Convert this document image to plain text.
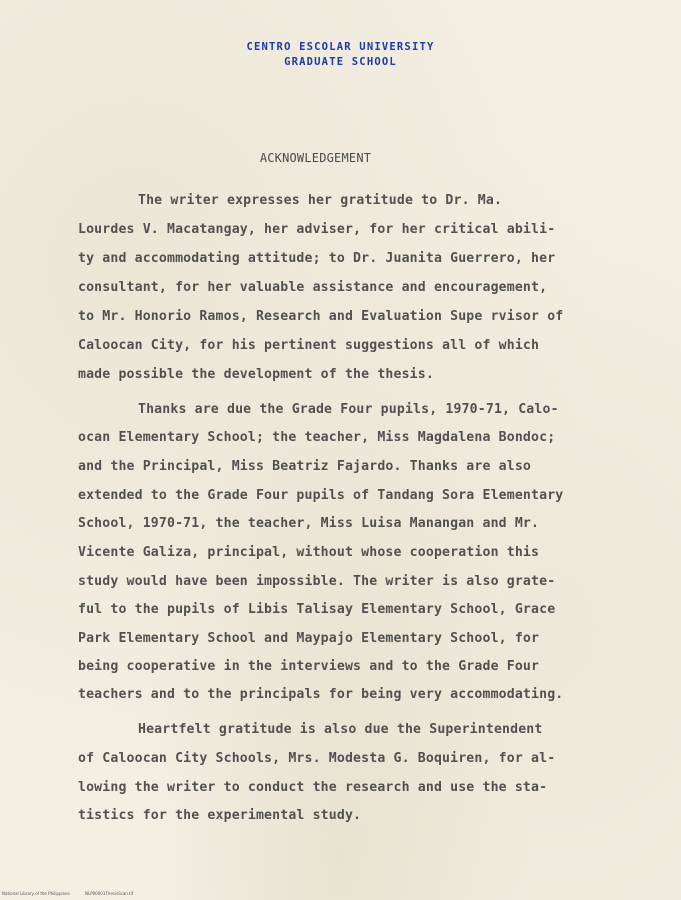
CENTRO ESCOLAR UNIVERSITY
GRADUATE SCHOOL
ACKNOWLEDGEMENT
The writer expresses her gratitude to Dr. Ma.
Lourdes V. Macatangay, her adviser, for her critical abili-
ty and accommodating attitude; to Dr. Juanita Guerrero, her
consultant, for her valuable assistance and encouragement,
to Mr. Honorio Ramos, Research and Evaluation Supe rvisor of
Caloocan City, for his pertinent suggestions all of which
made possible the development of the thesis.
Thanks are due the Grade Four pupils, 1970-71, Calo-
ocan Elementary School; the teacher, Miss Magdalena Bondoc;
and the Principal, Miss Beatriz Fajardo. Thanks are also
extended to the Grade Four pupils of Tandang Sora Elementary
School, 1970-71, the teacher, Miss Luisa Manangan and Mr.
Vicente Galiza, principal, without whose cooperation this
study would have been impossible. The writer is also grate-
ful to the pupils of Libis Talisay Elementary School, Grace
Park Elementary School and Maypajo Elementary School, for
being cooperative in the interviews and to the Grade Four
teachers and to the principals for being very accommodating.
Heartfelt gratitude is also due the Superintendent
of Caloocan City Schools, Mrs. Modesta G. Boquiren, for al-
lowing the writer to conduct the research and use the sta-
tistics for the experimental study.
National Library of the Philippines	NLP00001ThesisScan.tif
